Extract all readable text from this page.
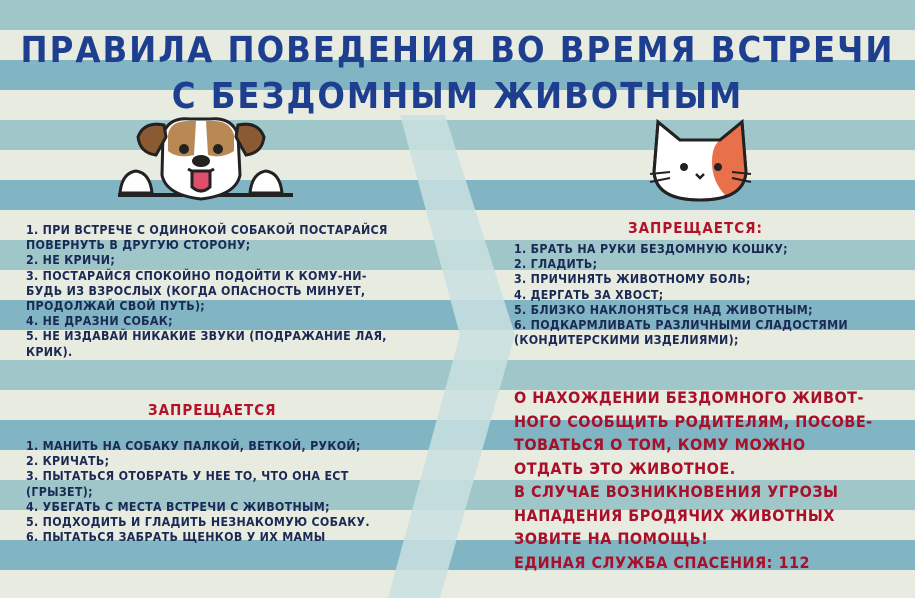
ПРАВИЛА ПОВЕДЕНИЯ ВО ВРЕМЯ ВСТРЕЧИ
С БЕЗДОМНЫМ ЖИВОТНЫМ
1. ПРИ ВСТРЕЧЕ С ОДИНОКОЙ СОБАКОЙ ПОСТАРАЙСЯ
ПОВЕРНУТЬ В ДРУГУЮ СТОРОНУ;
2. НЕ КРИЧИ;
3. ПОСТАРАЙСЯ СПОКОЙНО ПОДОЙТИ К КОМУ-НИ-
БУДЬ ИЗ ВЗРОСЛЫХ (КОГДА ОПАСНОСТЬ МИНУЕТ,
ПРОДОЛЖАЙ СВОЙ ПУТЬ);
4. НЕ ДРАЗНИ СОБАК;
5. НЕ ИЗДАВАЙ НИКАКИЕ ЗВУКИ (ПОДРАЖАНИЕ ЛАЯ,
КРИК).
ЗАПРЕЩАЕТСЯ
1. МАНИТЬ НА СОБАКУ ПАЛКОЙ, ВЕТКОЙ, РУКОЙ;
2. КРИЧАТЬ;
3. ПЫТАТЬСЯ ОТОБРАТЬ У НЕЕ ТО, ЧТО ОНА ЕСТ
(ГРЫЗЕТ);
4. УБЕГАТЬ С МЕСТА ВСТРЕЧИ С ЖИВОТНЫМ;
5. ПОДХОДИТЬ И ГЛАДИТЬ НЕЗНАКОМУЮ СОБАКУ.
6. ПЫТАТЬСЯ ЗАБРАТЬ ЩЕНКОВ У ИХ МАМЫ
ЗАПРЕЩАЕТСЯ:
1. БРАТЬ НА РУКИ БЕЗДОМНУЮ КОШКУ;
2. ГЛАДИТЬ;
3. ПРИЧИНЯТЬ ЖИВОТНОМУ БОЛЬ;
4. ДЕРГАТЬ ЗА ХВОСТ;
5. БЛИЗКО НАКЛОНЯТЬСЯ НАД ЖИВОТНЫМ;
6. ПОДКАРМЛИВАТЬ РАЗЛИЧНЫМИ СЛАДОСТЯМИ
(КОНДИТЕРСКИМИ ИЗДЕЛИЯМИ);
О НАХОЖДЕНИИ БЕЗДОМНОГО ЖИВОТ-
НОГО СООБЩИТЬ РОДИТЕЛЯМ, ПОСОВЕ-
ТОВАТЬСЯ О ТОМ, КОМУ МОЖНО
ОТДАТЬ ЭТО ЖИВОТНОЕ.
В СЛУЧАЕ ВОЗНИКНОВЕНИЯ УГРОЗЫ
НАПАДЕНИЯ БРОДЯЧИХ ЖИВОТНЫХ
ЗОВИТЕ НА ПОМОЩЬ!
ЕДИНАЯ СЛУЖБА СПАСЕНИЯ: 112
